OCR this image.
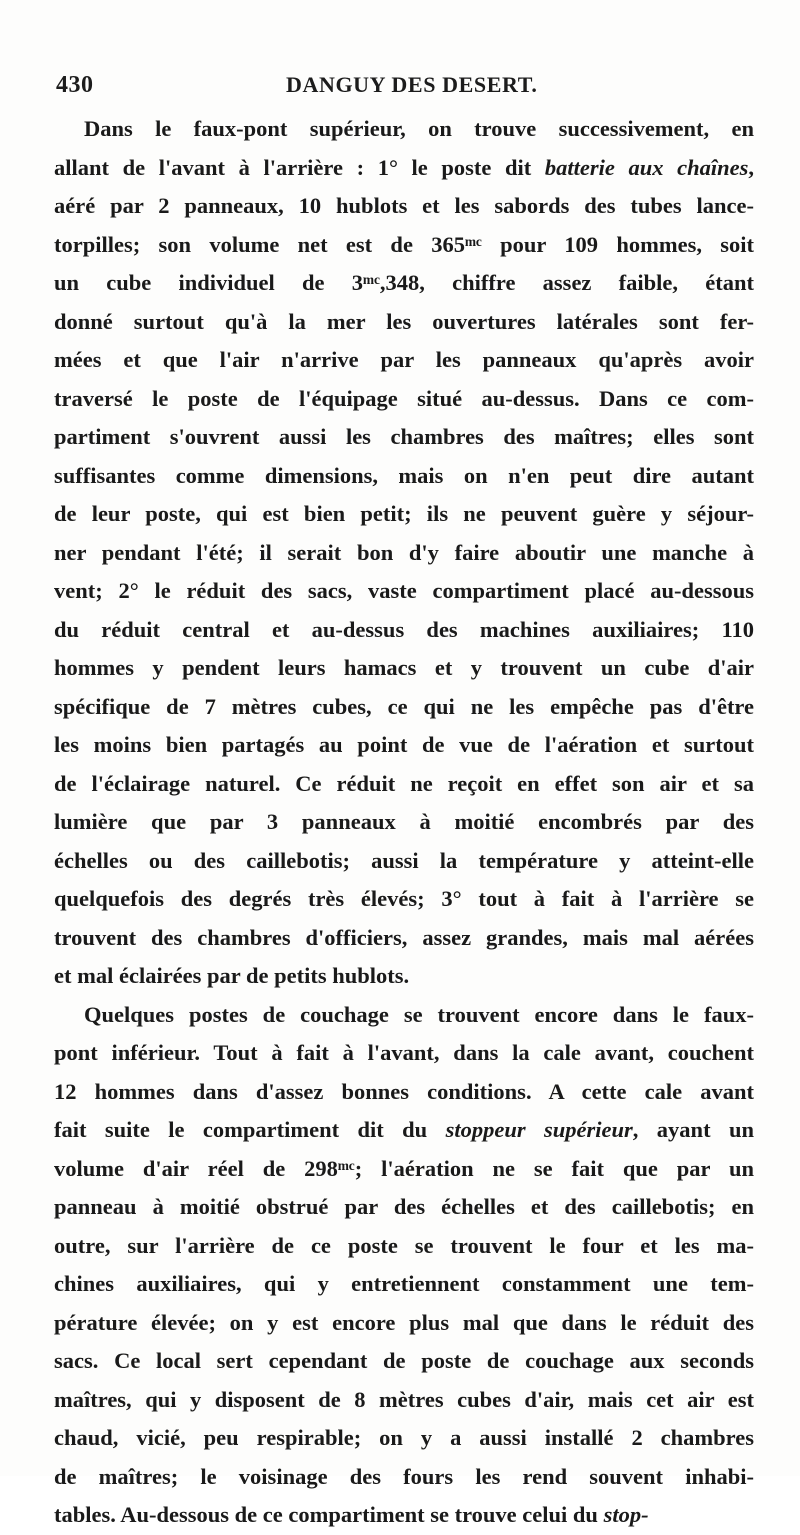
430	DANGUY DES DESERT.
Dans le faux-pont supérieur, on trouve successivement, en
allant de l'avant à l'arrière : 1° le poste dit batterie aux chaînes,
aéré par 2 panneaux, 10 hublots et les sabords des tubes lance-
torpilles; son volume net est de 365ᵐᶜ pour 109 hommes, soit
un cube individuel de 3ᵐᶜ,348, chiffre assez faible, étant
donné surtout qu'à la mer les ouvertures latérales sont fer-
mées et que l'air n'arrive par les panneaux qu'après avoir
traversé le poste de l'équipage situé au-dessus. Dans ce com-
partiment s'ouvrent aussi les chambres des maîtres; elles sont
suffisantes comme dimensions, mais on n'en peut dire autant
de leur poste, qui est bien petit; ils ne peuvent guère y séjour-
ner pendant l'été; il serait bon d'y faire aboutir une manche à
vent; 2° le réduit des sacs, vaste compartiment placé au-dessous
du réduit central et au-dessus des machines auxiliaires; 110
hommes y pendent leurs hamacs et y trouvent un cube d'air
spécifique de 7 mètres cubes, ce qui ne les empêche pas d'être
les moins bien partagés au point de vue de l'aération et surtout
de l'éclairage naturel. Ce réduit ne reçoit en effet son air et sa
lumière que par 3 panneaux à moitié encombrés par des
échelles ou des caillebotis; aussi la température y atteint-elle
quelquefois des degrés très élevés; 3° tout à fait à l'arrière se
trouvent des chambres d'officiers, assez grandes, mais mal aérées
et mal éclairées par de petits hublots.
Quelques postes de couchage se trouvent encore dans le faux-
pont inférieur. Tout à fait à l'avant, dans la cale avant, couchent
12 hommes dans d'assez bonnes conditions. A cette cale avant
fait suite le compartiment dit du stoppeur supérieur, ayant un
volume d'air réel de 298ᵐᶜ; l'aération ne se fait que par un
panneau à moitié obstrué par des échelles et des caillebotis; en
outre, sur l'arrière de ce poste se trouvent le four et les ma-
chines auxiliaires, qui y entretiennent constamment une tem-
pérature élevée; on y est encore plus mal que dans le réduit des
sacs. Ce local sert cependant de poste de couchage aux seconds
maîtres, qui y disposent de 8 mètres cubes d'air, mais cet air est
chaud, vicié, peu respirable; on y a aussi installé 2 chambres
de maîtres; le voisinage des fours les rend souvent inhabi-
tables. Au-dessous de ce compartiment se trouve celui du stop-
